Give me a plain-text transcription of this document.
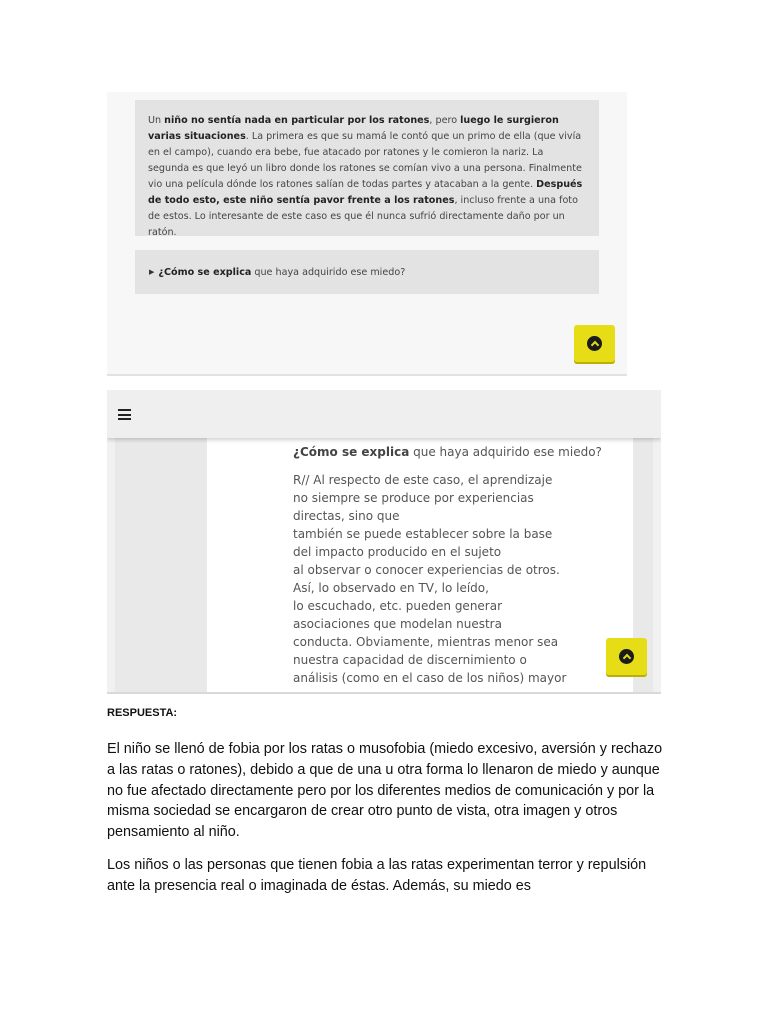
Un niño no sentía nada en particular por los ratones, pero luego le surgieron varias situaciones. La primera es que su mamá le contó que un primo de ella (que vivía en el campo), cuando era bebe, fue atacado por ratones y le comieron la nariz. La segunda es que leyó un libro donde los ratones se comían vivo a una persona. Finalmente vio una película dónde los ratones salían de todas partes y atacaban a la gente. Después de todo esto, este niño sentía pavor frente a los ratones, incluso frente a una foto de estos. Lo interesante de este caso es que él nunca sufrió directamente daño por un ratón.
▶ ¿Cómo se explica que haya adquirido ese miedo?

¿Cómo se explica que haya adquirido ese miedo?

R// Al respecto de este caso, el aprendizaje

no siempre se produce por experiencias

directas, sino que

también se puede establecer sobre la base

del impacto producido en el sujeto

al observar o conocer experiencias de otros.

Así, lo observado en TV, lo leído,

lo escuchado, etc. pueden generar

asociaciones que modelan nuestra

conducta. Obviamente, mientras menor sea

nuestra capacidad de discernimiento o

análisis (como en el caso de los niños) mayor

RESPUESTA:

El niño se llenó de fobia por los ratas o musofobia (miedo excesivo, aversión y rechazo a las ratas o ratones), debido a que de una u otra forma lo llenaron de miedo y aunque no fue afectado directamente pero por los diferentes medios de comunicación y por la misma sociedad se encargaron de crear otro punto de vista, otra imagen y otros pensamiento al niño.

Los niños o las personas que tienen fobia a las ratas experimentan terror y repulsión ante la presencia real o imaginada de éstas. Además, su miedo es
